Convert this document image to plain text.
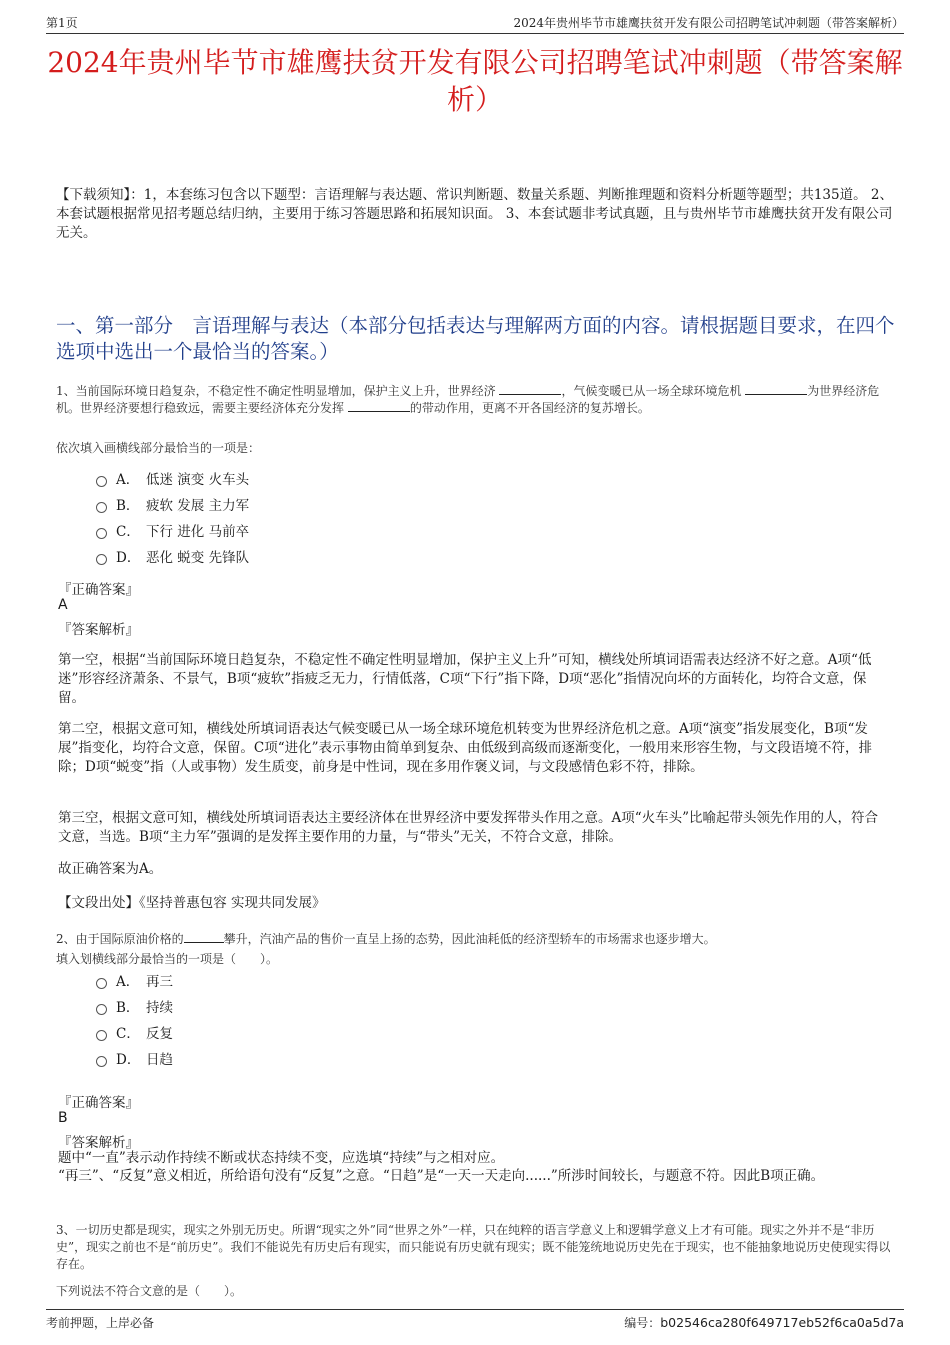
第1页	2024年贵州毕节市雄鹰扶贫开发有限公司招聘笔试冲刺题（带答案解析）
2024年贵州毕节市雄鹰扶贫开发有限公司招聘笔试冲刺题（带答案解析）
【下载须知】：1，本套练习包含以下题型：言语理解与表达题、常识判断题、数量关系题、判断推理题和资料分析题等题型；共135道。 2、本套试题根据常见招考题总结归纳，主要用于练习答题思路和拓展知识面。 3、本套试题非考试真题，且与贵州毕节市雄鹰扶贫开发有限公司无关。
一、第一部分　言语理解与表达（本部分包括表达与理解两方面的内容。请根据题目要求，在四个选项中选出一个最恰当的答案。）
1、当前国际环境日趋复杂，不稳定性不确定性明显增加，保护主义上升，世界经济	，气候变暖已从一场全球环境危机	为世界经济危机。世界经济要想行稳致远，需要主要经济体充分发挥	的带动作用，更离不开各国经济的复苏增长。
依次填入画横线部分最恰当的一项是：
A． 低迷 演变 火车头
B． 疲软 发展 主力军
C． 下行 进化 马前卒
D． 恶化 蜕变 先锋队
『正确答案』
A
『答案解析』
第一空，根据“当前国际环境日趋复杂，不稳定性不确定性明显增加，保护主义上升”可知，横线处所填词语需表达经济不好之意。A项“低迷”形容经济萧条、不景气，B项“疲软”指疲乏无力，行情低落，C项“下行”指下降，D项“恶化”指情况向坏的方面转化，均符合文意，保留。
第二空，根据文意可知，横线处所填词语表达气候变暖已从一场全球环境危机转变为世界经济危机之意。A项“演变”指发展变化，B项“发展”指变化，均符合文意，保留。C项“进化”表示事物由简单到复杂、由低级到高级而逐渐变化，一般用来形容生物，与文段语境不符，排除；D项“蜕变”指（人或事物）发生质变，前身是中性词，现在多用作褒义词，与文段感情色彩不符，排除。
第三空，根据文意可知，横线处所填词语表达主要经济体在世界经济中要发挥带头作用之意。A项“火车头”比喻起带头领先作用的人，符合文意，当选。B项“主力军”强调的是发挥主要作用的力量，与“带头”无关，不符合文意，排除。
故正确答案为A。
【文段出处】《坚持普惠包容 实现共同发展》
2、由于国际原油价格的	攀升，汽油产品的售价一直呈上扬的态势，因此油耗低的经济型轿车的市场需求也逐步增大。
填入划横线部分最恰当的一项是（　　）。
A． 再三
B． 持续
C． 反复
D． 日趋
『正确答案』
B
『答案解析』
题中“一直”表示动作持续不断或状态持续不变，应选填“持续”与之相对应。
“再三”、“反复”意义相近，所给语句没有“反复”之意。“日趋”是“一天一天走向......”所涉时间较长，与题意不符。因此B项正确。
3、一切历史都是现实，现实之外别无历史。所谓“现实之外”同“世界之外”一样，只在纯粹的语言学意义上和逻辑学意义上才有可能。现实之外并不是“非历史”，现实之前也不是“前历史”。我们不能说先有历史后有现实，而只能说有历史就有现实；既不能笼统地说历史先在于现实，也不能抽象地说历史使现实得以存在。
下列说法不符合文意的是（　　）。
考前押题，上岸必备	编号：b02546ca280f649717eb52f6ca0a5d7a
